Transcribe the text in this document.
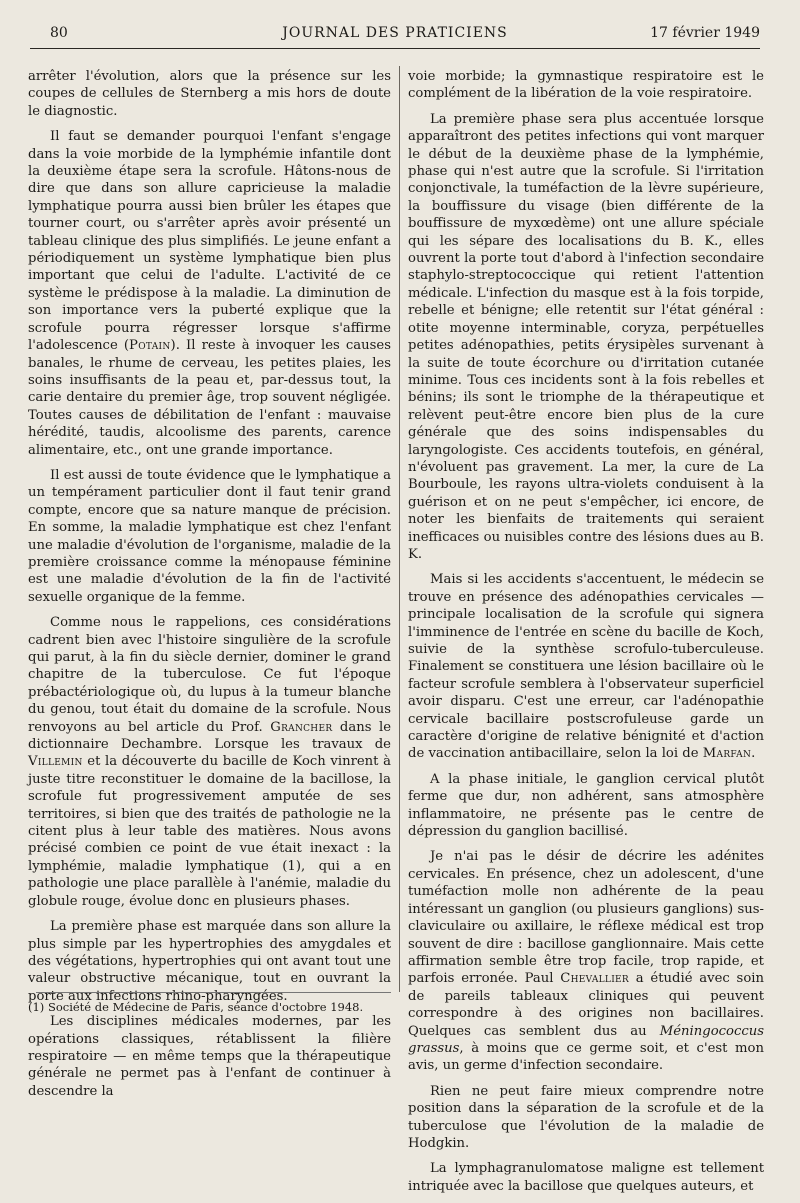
80	JOURNAL DES PRATICIENS	17 février 1949

arrêter l'évolution, alors que la présence sur les coupes de cellules de Sternberg a mis hors de doute le diagnostic.

Il faut se demander pourquoi l'enfant s'engage dans la voie morbide de la lymphémie infantile dont la deuxième étape sera la scrofule. Hâtons-nous de dire que dans son allure capricieuse la maladie lymphatique pourra aussi bien brûler les étapes que tourner court, ou s'arrêter après avoir présenté un tableau clinique des plus simplifiés. Le jeune enfant a périodiquement un système lymphatique bien plus important que celui de l'adulte. L'activité de ce système le prédispose à la maladie. La diminution de son importance vers la puberté explique que la scrofule pourra régresser lorsque s'affirme l'adolescence (Potain). Il reste à invoquer les causes banales, le rhume de cerveau, les petites plaies, les soins insuffisants de la peau et, par-dessus tout, la carie dentaire du premier âge, trop souvent négligée. Toutes causes de débilitation de l'enfant : mauvaise hérédité, taudis, alcoolisme des parents, carence alimentaire, etc., ont une grande importance.

Il est aussi de toute évidence que le lymphatique a un tempérament particulier dont il faut tenir grand compte, encore que sa nature manque de précision. En somme, la maladie lymphatique est chez l'enfant une maladie d'évolution de l'organisme, maladie de la première croissance comme la ménopause féminine est une maladie d'évolution de la fin de l'activité sexuelle organique de la femme.

Comme nous le rappelions, ces considérations cadrent bien avec l'histoire singulière de la scrofule qui parut, à la fin du siècle dernier, dominer le grand chapitre de la tuberculose. Ce fut l'époque prébactériologique où, du lupus à la tumeur blanche du genou, tout était du domaine de la scrofule. Nous renvoyons au bel article du Prof. Grancher dans le dictionnaire Dechambre. Lorsque les travaux de Villemin et la découverte du bacille de Koch vinrent à juste titre reconstituer le domaine de la bacillose, la scrofule fut progressivement amputée de ses territoires, si bien que des traités de pathologie ne la citent plus à leur table des matières. Nous avons précisé combien ce point de vue était inexact : la lymphémie, maladie lymphatique (1), qui a en pathologie une place parallèle à l'anémie, maladie du globule rouge, évolue donc en plusieurs phases.

La première phase est marquée dans son allure la plus simple par les hypertrophies des amygdales et des végétations, hypertrophies qui ont avant tout une valeur obstructive mécanique, tout en ouvrant la porte aux infections rhino-pharyngées.

Les disciplines médicales modernes, par les opérations classiques, rétablissent la filière respiratoire — en même temps que la thérapeutique générale ne permet pas à l'enfant de continuer à descendre la

voie morbide; la gymnastique respiratoire est le complément de la libération de la voie respiratoire.

La première phase sera plus accentuée lorsque apparaîtront des petites infections qui vont marquer le début de la deuxième phase de la lymphémie, phase qui n'est autre que la scrofule. Si l'irritation conjonctivale, la tuméfaction de la lèvre supérieure, la bouffissure du visage (bien différente de la bouffissure de myxœdème) ont une allure spéciale qui les sépare des localisations du B. K., elles ouvrent la porte tout d'abord à l'infection secondaire staphylo-streptococcique qui retient l'attention médicale. L'infection du masque est à la fois torpide, rebelle et bénigne; elle retentit sur l'état général : otite moyenne interminable, coryza, perpétuelles petites adénopathies, petits érysipèles survenant à la suite de toute écorchure ou d'irritation cutanée minime. Tous ces incidents sont à la fois rebelles et bénins; ils sont le triomphe de la thérapeutique et relèvent peut-être encore bien plus de la cure générale que des soins indispensables du laryngologiste. Ces accidents toutefois, en général, n'évoluent pas gravement. La mer, la cure de La Bourboule, les rayons ultra-violets conduisent à la guérison et on ne peut s'empêcher, ici encore, de noter les bienfaits de traitements qui seraient inefficaces ou nuisibles contre des lésions dues au B. K.

Mais si les accidents s'accentuent, le médecin se trouve en présence des adénopathies cervicales — principale localisation de la scrofule qui signera l'imminence de l'entrée en scène du bacille de Koch, suivie de la synthèse scrofulo-tuberculeuse. Finalement se constituera une lésion bacillaire où le facteur scrofule semblera à l'observateur superficiel avoir disparu. C'est une erreur, car l'adénopathie cervicale bacillaire postscrofuleuse garde un caractère d'origine de relative bénignité et d'action de vaccination antibacillaire, selon la loi de Marfan.

A la phase initiale, le ganglion cervical plutôt ferme que dur, non adhérent, sans atmosphère inflammatoire, ne présente pas le centre de dépression du ganglion bacillisé.

Je n'ai pas le désir de décrire les adénites cervicales. En présence, chez un adolescent, d'une tuméfaction molle non adhérente de la peau intéressant un ganglion (ou plusieurs ganglions) sus-claviculaire ou axillaire, le réflexe médical est trop souvent de dire : bacillose ganglionnaire. Mais cette affirmation semble être trop facile, trop rapide, et parfois erronée. Paul Chevallier a étudié avec soin de pareils tableaux cliniques qui peuvent correspondre à des origines non bacillaires. Quelques cas semblent dus au Méningococcus grassus, à moins que ce germe soit, et c'est mon avis, un germe d'infection secondaire.

Rien ne peut faire mieux comprendre notre position dans la séparation de la scrofule et de la tuberculose que l'évolution de la maladie de Hodgkin.

La lymphagranulomatose maligne est tellement intriquée avec la bacillose que quelques auteurs, et

(1) Société de Médecine de Paris, séance d'octobre 1948.
